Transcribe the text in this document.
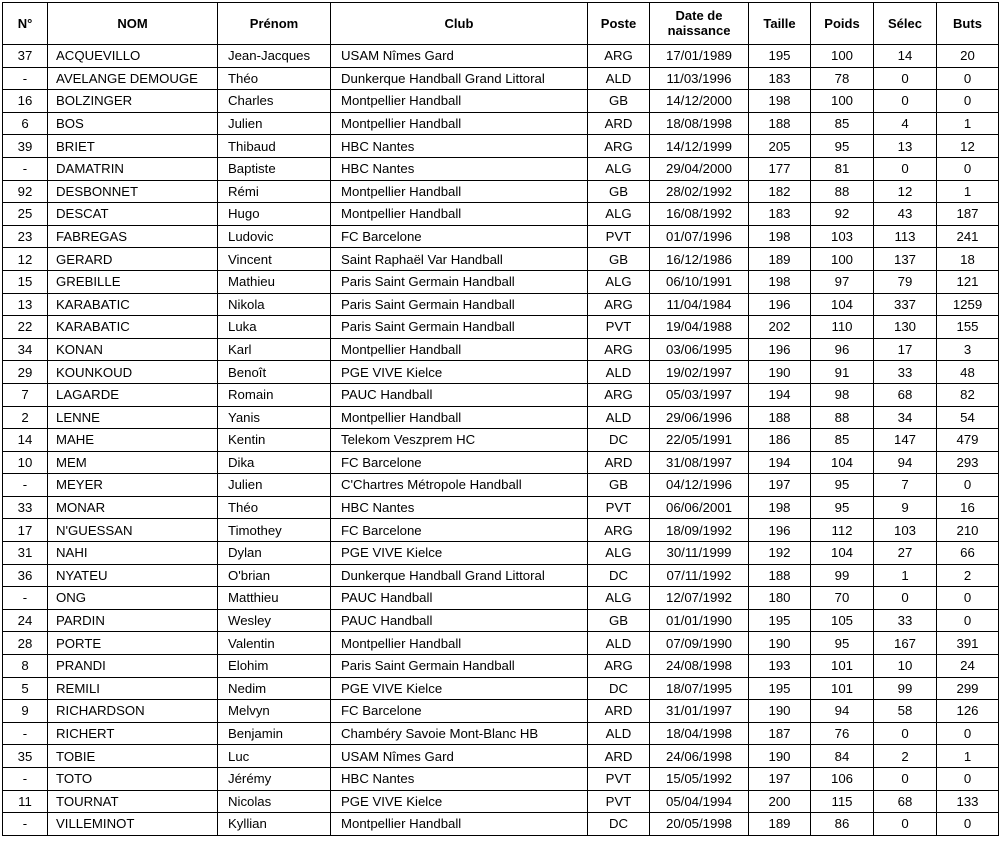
N°	NOM	Prénom	Club	Poste	Date de naissance	Taille	Poids	Sélec	Buts
37	ACQUEVILLO	Jean-Jacques	USAM Nîmes Gard	ARG	17/01/1989	195	100	14	20
-	AVELANGE DEMOUGE	Théo	Dunkerque Handball Grand Littoral	ALD	11/03/1996	183	78	0	0
16	BOLZINGER	Charles	Montpellier Handball	GB	14/12/2000	198	100	0	0
6	BOS	Julien	Montpellier Handball	ARD	18/08/1998	188	85	4	1
39	BRIET	Thibaud	HBC Nantes	ARG	14/12/1999	205	95	13	12
-	DAMATRIN	Baptiste	HBC Nantes	ALG	29/04/2000	177	81	0	0
92	DESBONNET	Rémi	Montpellier Handball	GB	28/02/1992	182	88	12	1
25	DESCAT	Hugo	Montpellier Handball	ALG	16/08/1992	183	92	43	187
23	FABREGAS	Ludovic	FC Barcelone	PVT	01/07/1996	198	103	113	241
12	GERARD	Vincent	Saint Raphaël Var Handball	GB	16/12/1986	189	100	137	18
15	GREBILLE	Mathieu	Paris Saint Germain Handball	ALG	06/10/1991	198	97	79	121
13	KARABATIC	Nikola	Paris Saint Germain Handball	ARG	11/04/1984	196	104	337	1259
22	KARABATIC	Luka	Paris Saint Germain Handball	PVT	19/04/1988	202	110	130	155
34	KONAN	Karl	Montpellier Handball	ARG	03/06/1995	196	96	17	3
29	KOUNKOUD	Benoît	PGE VIVE Kielce	ALD	19/02/1997	190	91	33	48
7	LAGARDE	Romain	PAUC Handball	ARG	05/03/1997	194	98	68	82
2	LENNE	Yanis	Montpellier Handball	ALD	29/06/1996	188	88	34	54
14	MAHE	Kentin	Telekom Veszprem HC	DC	22/05/1991	186	85	147	479
10	MEM	Dika	FC Barcelone	ARD	31/08/1997	194	104	94	293
-	MEYER	Julien	C'Chartres Métropole Handball	GB	04/12/1996	197	95	7	0
33	MONAR	Théo	HBC Nantes	PVT	06/06/2001	198	95	9	16
17	N'GUESSAN	Timothey	FC Barcelone	ARG	18/09/1992	196	112	103	210
31	NAHI	Dylan	PGE VIVE Kielce	ALG	30/11/1999	192	104	27	66
36	NYATEU	O'brian	Dunkerque Handball Grand Littoral	DC	07/11/1992	188	99	1	2
-	ONG	Matthieu	PAUC Handball	ALG	12/07/1992	180	70	0	0
24	PARDIN	Wesley	PAUC Handball	GB	01/01/1990	195	105	33	0
28	PORTE	Valentin	Montpellier Handball	ALD	07/09/1990	190	95	167	391
8	PRANDI	Elohim	Paris Saint Germain Handball	ARG	24/08/1998	193	101	10	24
5	REMILI	Nedim	PGE VIVE Kielce	DC	18/07/1995	195	101	99	299
9	RICHARDSON	Melvyn	FC Barcelone	ARD	31/01/1997	190	94	58	126
-	RICHERT	Benjamin	Chambéry Savoie Mont-Blanc HB	ALD	18/04/1998	187	76	0	0
35	TOBIE	Luc	USAM Nîmes Gard	ARD	24/06/1998	190	84	2	1
-	TOTO	Jérémy	HBC Nantes	PVT	15/05/1992	197	106	0	0
11	TOURNAT	Nicolas	PGE VIVE Kielce	PVT	05/04/1994	200	115	68	133
-	VILLEMINOT	Kyllian	Montpellier Handball	DC	20/05/1998	189	86	0	0
